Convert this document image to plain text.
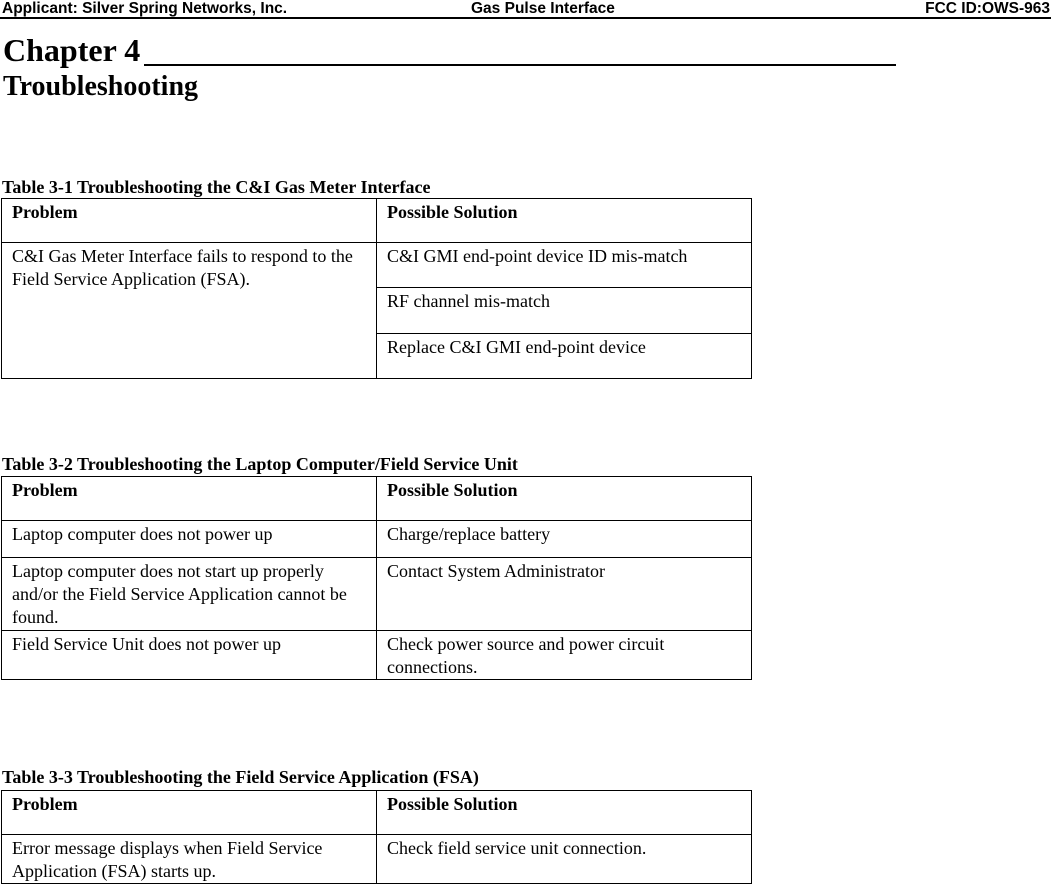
Applicant: Silver Spring Networks, Inc.	Gas Pulse Interface	FCC ID:OWS-963
Chapter 4
Troubleshooting
Table 3-1 Troubleshooting the C&I Gas Meter Interface
Problem	Possible Solution
C&I Gas Meter Interface fails to respond to the Field Service Application (FSA).	C&I GMI end-point device ID mis-match
	RF channel mis-match
	Replace C&I GMI end-point device
Table 3-2 Troubleshooting the Laptop Computer/Field Service Unit
Problem	Possible Solution
Laptop computer does not power up	Charge/replace battery
Laptop computer does not start up properly and/or the Field Service Application cannot be found.	Contact System Administrator
Field Service Unit does not power up	Check power source and power circuit connections.
Table 3-3 Troubleshooting the Field Service Application (FSA)
Problem	Possible Solution
Error message displays when Field Service Application (FSA) starts up.	Check field service unit connection.
